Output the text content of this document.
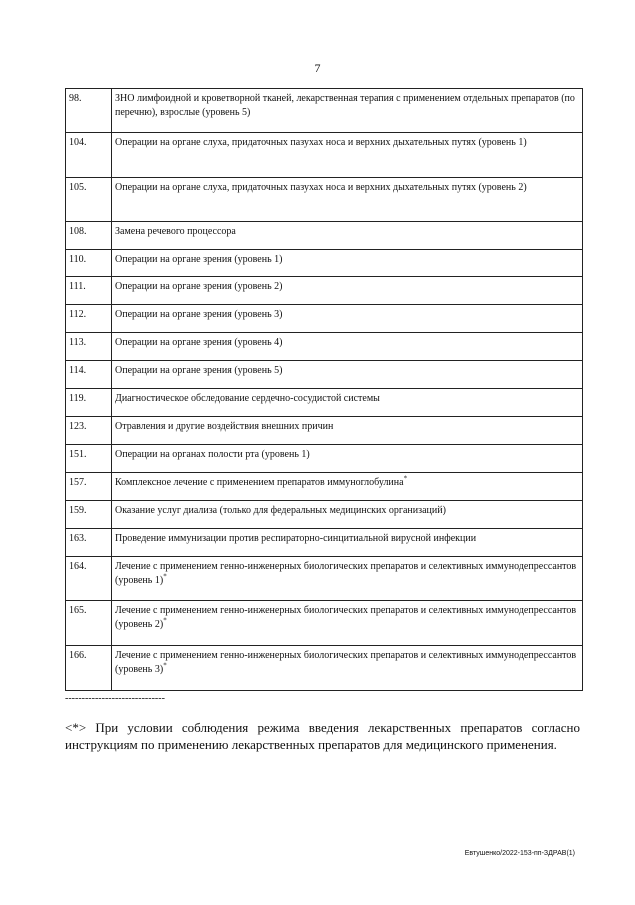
7
98.	ЗНО лимфоидной и кроветворной тканей, лекарственная терапия с применением отдельных препаратов (по перечню), взрослые (уровень 5)
104.	Операции на органе слуха, придаточных пазухах носа и верхних дыхательных путях (уровень 1)
105.	Операции на органе слуха, придаточных пазухах носа и верхних дыхательных путях (уровень 2)
108.	Замена речевого процессора
110.	Операции на органе зрения (уровень 1)
111.	Операции на органе зрения (уровень 2)
112.	Операции на органе зрения (уровень 3)
113.	Операции на органе зрения (уровень 4)
114.	Операции на органе зрения (уровень 5)
119.	Диагностическое обследование сердечно-сосудистой системы
123.	Отравления и другие воздействия внешних причин
151.	Операции на органах полости рта (уровень 1)
157.	Комплексное лечение с применением препаратов иммуноглобулина*
159.	Оказание услуг диализа (только для федеральных медицинских организаций)
163.	Проведение иммунизации против респираторно-синцитиальной вирусной инфекции
164.	Лечение с применением генно-инженерных биологических препаратов и селективных иммунодепрессантов (уровень 1)*
165.	Лечение с применением генно-инженерных биологических препаратов и селективных иммунодепрессантов (уровень 2)*
166.	Лечение с применением генно-инженерных биологических препаратов и селективных иммунодепрессантов (уровень 3)*
------------------------------
<*> При условии соблюдения режима введения лекарственных препаратов согласно инструкциям по применению лекарственных препаратов для медицинского применения.
Евтушенко/2022-153-пп-ЗДРАВ(1)
